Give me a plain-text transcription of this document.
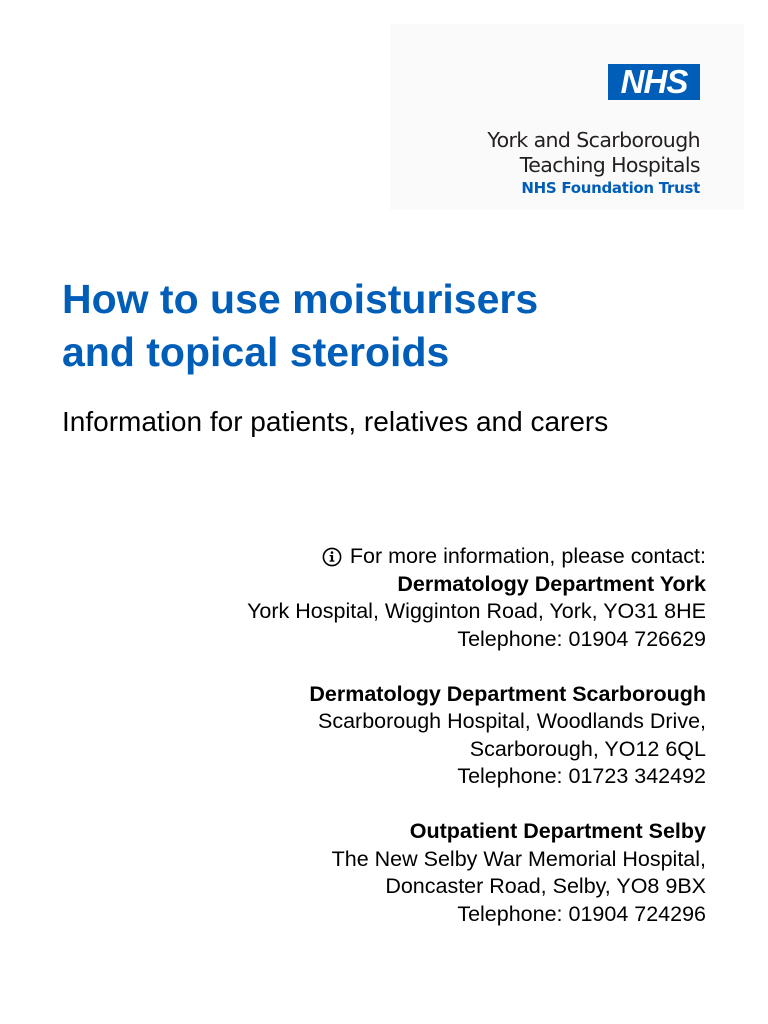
NHS
York and Scarborough
Teaching Hospitals
NHS Foundation Trust
How to use moisturisers
and topical steroids
Information for patients, relatives and carers
For more information, please contact:
Dermatology Department York
York Hospital, Wigginton Road, York, YO31 8HE
Telephone: 01904 726629
Dermatology Department Scarborough
Scarborough Hospital, Woodlands Drive,
Scarborough, YO12 6QL
Telephone: 01723 342492
Outpatient Department Selby
The New Selby War Memorial Hospital,
Doncaster Road, Selby, YO8 9BX
Telephone: 01904 724296
